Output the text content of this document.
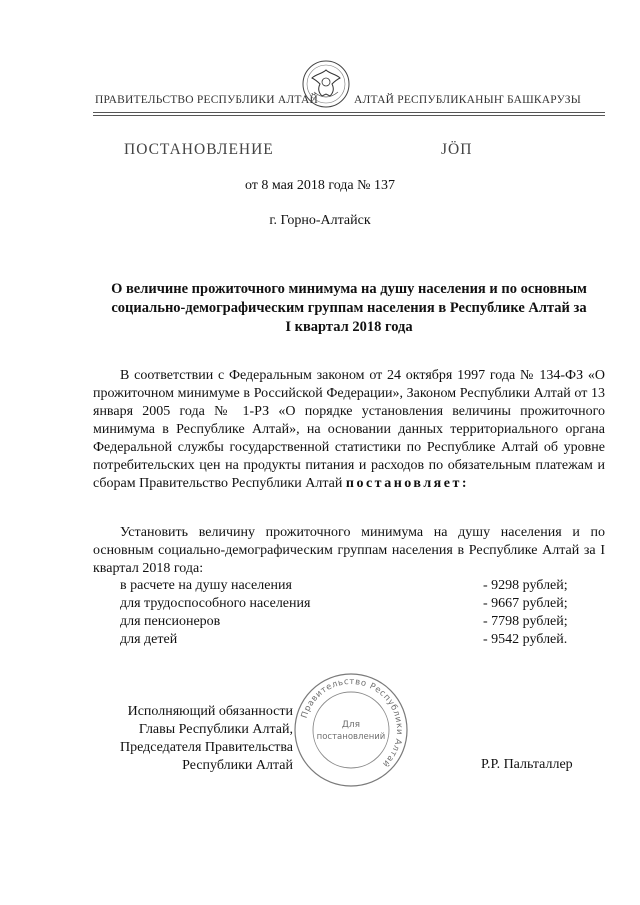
ПРАВИТЕЛЬСТВО РЕСПУБЛИКИ АЛТАЙ	АЛТАЙ РЕСПУБЛИКАНЫҤ БАШКАРУЗЫ
ПОСТАНОВЛЕНИЕ	JÖП
от 8 мая 2018 года № 137
г. Горно-Алтайск
О величине прожиточного минимума на душу населения и по основным
социально-демографическим группам населения в Республике Алтай за
I квартал 2018 года
В соответствии с Федеральным законом от 24 октября 1997 года № 134-ФЗ «О прожиточном минимуме в Российской Федерации», Законом Республики Алтай от 13 января 2005 года № 1-РЗ «О порядке установления величины прожиточного минимума в Республике Алтай», на основании данных территориального органа Федеральной службы государственной статистики по Республике Алтай об уровне потребительских цен на продукты питания и расходов по обязательным платежам и сборам Правительство Республики Алтай постановляет:
Установить величину прожиточного минимума на душу населения и по основным социально-демографическим группам населения в Республике Алтай за I квартал 2018 года:
в расчете на душу населения	- 9298 рублей;
для трудоспособного населения	- 9667 рублей;
для пенсионеров	- 7798 рублей;
для детей	- 9542 рублей.
Исполняющий обязанности
Главы Республики Алтай,
Председателя Правительства
Республики Алтай
Правительство Республики Алтай
Для
постановлений
Р.Р. Пальталлер
